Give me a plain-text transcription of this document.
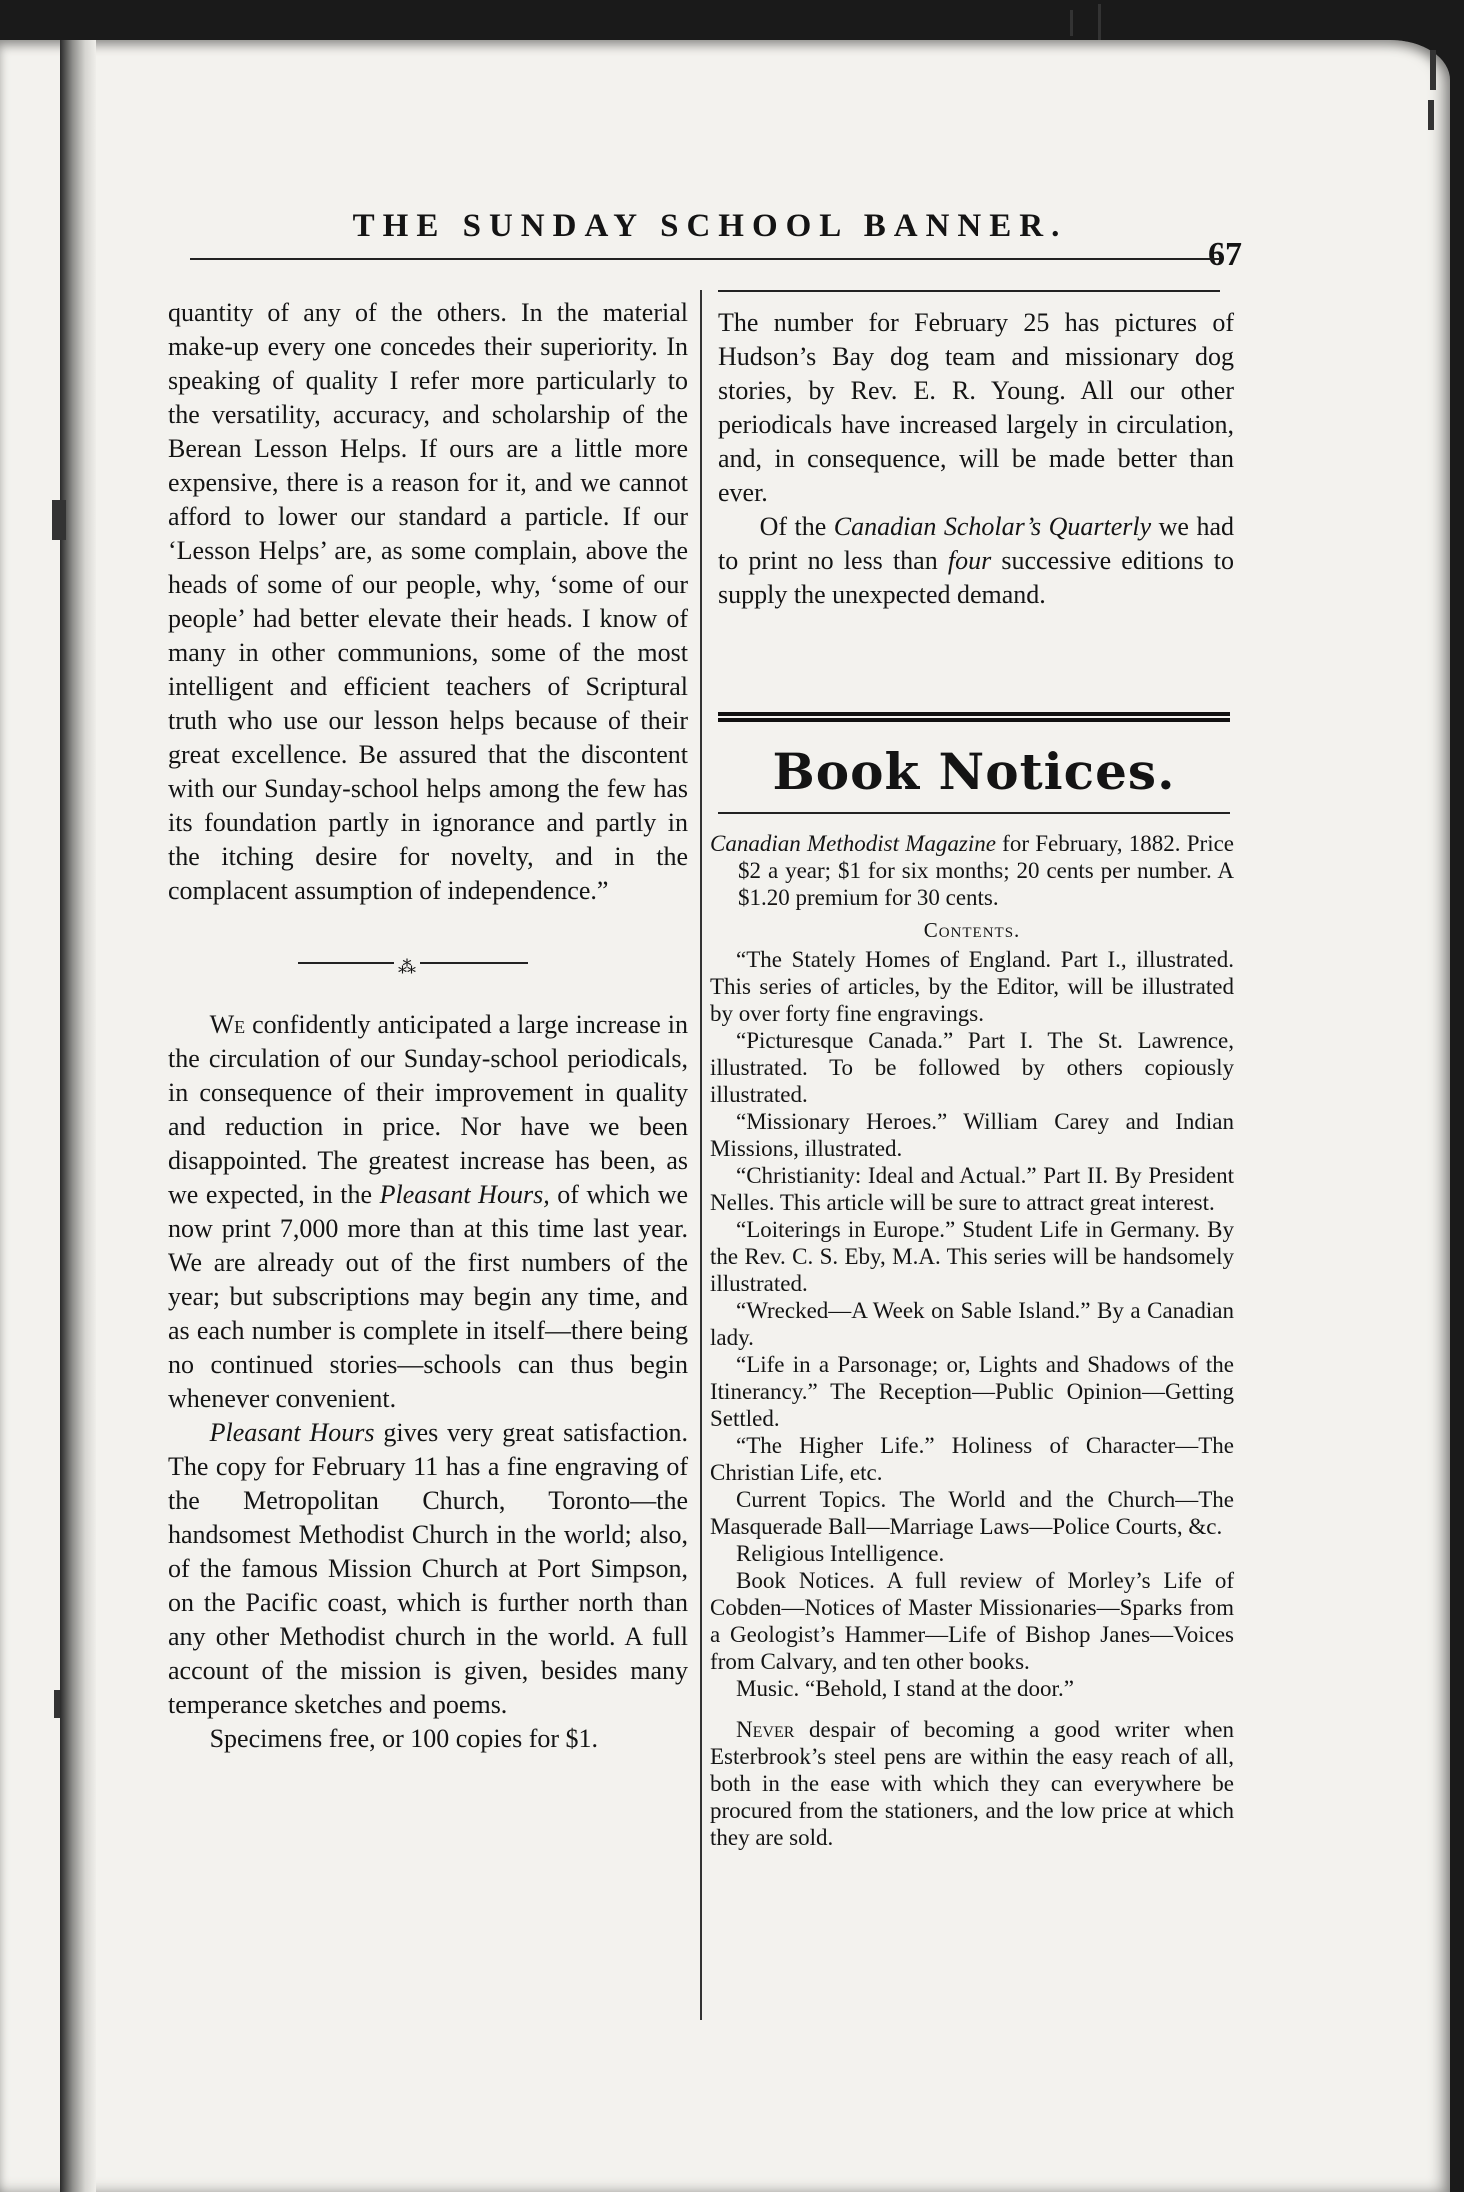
THE SUNDAY SCHOOL BANNER.
67

quantity of any of the others. In the material make-up every one concedes their superiority. In speaking of quality I refer more particularly to the versatility, accuracy, and scholarship of the Berean Lesson Helps. If ours are a little more expensive, there is a reason for it, and we cannot afford to lower our standard a particle. If our ‘Lesson Helps’ are, as some complain, above the heads of some of our people, why, ‘some of our people’ had better elevate their heads. I know of many in other communions, some of the most intelligent and efficient teachers of Scriptural truth who use our lesson helps because of their great excellence. Be assured that the discontent with our Sunday-school helps among the few has its foundation partly in ignorance and partly in the itching desire for novelty, and in the complacent assumption of independence.”

⁂

We confidently anticipated a large increase in the circulation of our Sunday-school periodicals, in consequence of their improvement in quality and reduction in price. Nor have we been disappointed. The greatest increase has been, as we expected, in the Pleasant Hours, of which we now print 7,000 more than at this time last year. We are already out of the first numbers of the year; but subscriptions may begin any time, and as each number is complete in itself—there being no continued stories—schools can thus begin whenever convenient.

Pleasant Hours gives very great satisfaction. The copy for February 11 has a fine engraving of the Metropolitan Church, Toronto—the handsomest Methodist Church in the world; also, of the famous Mission Church at Port Simpson, on the Pacific coast, which is further north than any other Methodist church in the world. A full account of the mission is given, besides many temperance sketches and poems.

Specimens free, or 100 copies for $1.

The number for February 25 has pictures of Hudson’s Bay dog team and missionary dog stories, by Rev. E. R. Young. All our other periodicals have increased largely in circulation, and, in consequence, will be made better than ever.

Of the Canadian Scholar’s Quarterly we had to print no less than four successive editions to supply the unexpected demand.

Book Notices.

Canadian Methodist Magazine for February, 1882. Price $2 a year; $1 for six months; 20 cents per number. A $1.20 premium for 30 cents.

Contents.

“The Stately Homes of England. Part I., illustrated. This series of articles, by the Editor, will be illustrated by over forty fine engravings.

“Picturesque Canada.” Part I. The St. Lawrence, illustrated. To be followed by others copiously illustrated.

“Missionary Heroes.” William Carey and Indian Missions, illustrated.

“Christianity: Ideal and Actual.” Part II. By President Nelles. This article will be sure to attract great interest.

“Loiterings in Europe.” Student Life in Germany. By the Rev. C. S. Eby, M.A. This series will be handsomely illustrated.

“Wrecked—A Week on Sable Island.” By a Canadian lady.

“Life in a Parsonage; or, Lights and Shadows of the Itinerancy.” The Reception—Public Opinion—Getting Settled.

“The Higher Life.” Holiness of Character—The Christian Life, etc.

Current Topics. The World and the Church—The Masquerade Ball—Marriage Laws—Police Courts, &c.

Religious Intelligence.

Book Notices. A full review of Morley’s Life of Cobden—Notices of Master Missionaries—Sparks from a Geologist’s Hammer—Life of Bishop Janes—Voices from Calvary, and ten other books.

Music. “Behold, I stand at the door.”

Never despair of becoming a good writer when Esterbrook’s steel pens are within the easy reach of all, both in the ease with which they can everywhere be procured from the stationers, and the low price at which they are sold.
